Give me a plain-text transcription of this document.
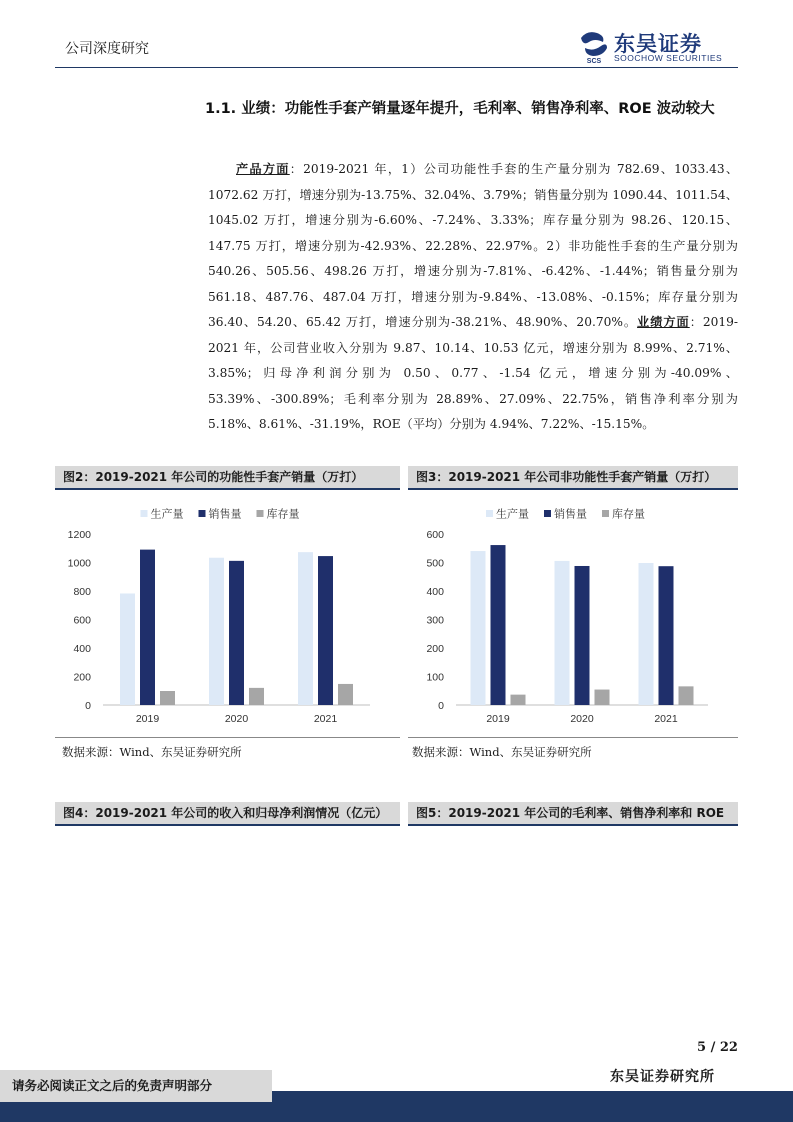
公司深度研究
SCS
东吴证券
SOOCHOW SECURITIES
1.1. 业绩：功能性手套产销量逐年提升，毛利率、销售净利率、ROE 波动较大
产品方面：2019-2021 年，1）公司功能性手套的生产量分别为 782.69、1033.43、1072.62 万打，增速分别为-13.75%、32.04%、3.79%；销售量分别为 1090.44、1011.54、1045.02 万打，增速分别为-6.60%、-7.24%、3.33%；库存量分别为 98.26、120.15、147.75 万打，增速分别为-42.93%、22.28%、22.97%。2）非功能性手套的生产量分别为 540.26、505.56、498.26 万打，增速分别为-7.81%、-6.42%、-1.44%；销售量分别为 561.18、487.76、487.04 万打，增速分别为-9.84%、-13.08%、-0.15%；库存量分别为 36.40、54.20、65.42 万打，增速分别为-38.21%、48.90%、20.70%。业绩方面：2019-2021 年，公司营业收入分别为 9.87、10.14、10.53 亿元，增速分别为 8.99%、2.71%、3.85%；归母净利润分别为 0.50、0.77、-1.54 亿元，增速分别为-40.09%、53.39%、-300.89%；毛利率分别为 28.89%、27.09%、22.75%，销售净利率分别为 5.18%、8.61%、-31.19%，ROE（平均）分别为 4.94%、7.22%、-15.15%。
图2：2019-2021 年公司的功能性手套产销量（万打）
生产量 销售量 库存量
0
200
400
600
800
1000
1200
2019	2020	2021
数据来源：Wind、东吴证券研究所
图3：2019-2021 年公司非功能性手套产销量（万打）
生产量 销售量 库存量
0
100
200
300
400
500
600
2019	2020	2021
数据来源：Wind、东吴证券研究所
图4：2019-2021 年公司的收入和归母净利润情况（亿元）	图5：2019-2021 年公司的毛利率、销售净利率和 ROE
5 / 22
东吴证券研究所
请务必阅读正文之后的免责声明部分
